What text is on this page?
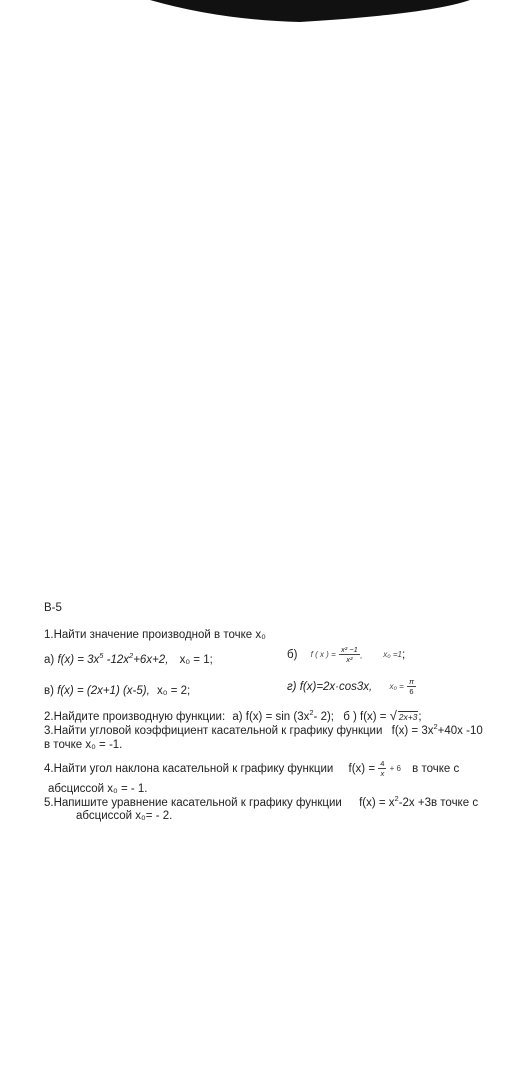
B-5
1.Найти значение производной в точке x₀
а) $f(x) = 3x^5$ $-12x^2+6x+2$, x₀ = 1;	б) f ( x ) = $\frac{\text{x² −1}}{\text{x²}}$ ,	x₀ =1;
в) f(x) = (2x+1) (x-5), x₀ = 2;	г) f(x)=2x·cos3x, $x_0 = \frac{\pi}{6}$
2.Найдите производную функции: а) $f(x) = \sin (3x^2-$ 2); б ) f(x) = √ 2x+3;
3.Найти угловой коэффициент касательной к графику функции $f(x) = 3x^2+40x$ -10
в точке x₀ = -1.
4.Найти угол наклона касательной к графику функции $f(x) = \frac{4}{x} + 6$ в точке с
абсциссой x₀ = - 1.
5.Напишите уравнение касательной к графику функции $f(x) = x^2-2x +3в$ точке с
абсциссой x₀= - 2.
